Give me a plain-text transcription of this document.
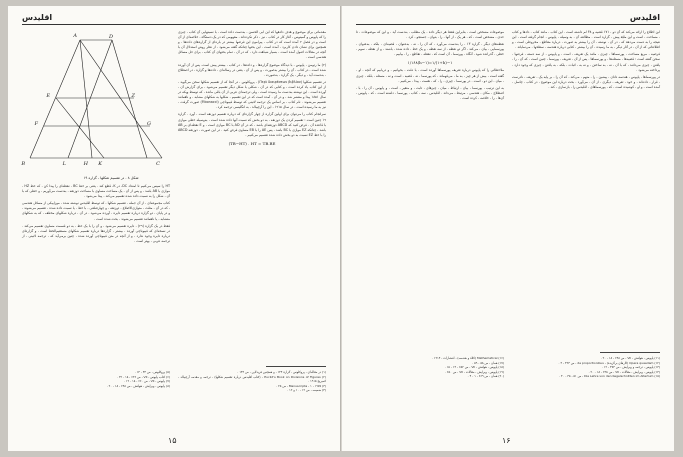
اقلیدس

مقدماتی برای موضوع و هدف دادهها که ابن ابی الحسن ، به‌دست داده است ، با نسبتهایی آن کتاب ، چیزی را که پاپوس و گمینوس ، آغاز کار در کتاب ، نیز ، ذکر نکرده‌اند ، مفهومی که در یک دستگاه ، خلاصه‌ای از آن است و در فصل ۲ آمده است که در کتاب ، پیرامون این فرضها بیشتر در باره‌ای از گزاره‌های داده‌ها ، و همچنین برای نشان دادن کاربرد ، آمده است . این بحثها چنانکه گفته می‌شود ، از نظر روش استدلال آن با آنچه در مقالات اصول آمده است ، بسیار شباهت دارد ، که در آن ، تمام بحثهای آن کتاب ، برای حل مسائل هندسی است .

(۲) ما رتومن ، پاپوس ، با دیدگاه موضوع گزاره‌ها ، و داده‌ها ، در کتاب ، بیشتر پیش است. پس از آن آورده شده است ، در کتاب ، آن را بیشتر به‌صورت ، و پس از آن ، یعنی در رساله‌ای ، داده‌ها و گزاره ، در اصطلاح ، به‌دست آید ، و دیگر ، یک گزاره ، به‌صورت .

در تقسیم شکلها (Περὶ διαιρέσεων βιβλίον) ، پروکلوس ، در آنجا که از تقسیم شکلها سخن می‌گوید ، از این کتاب یاد کرده است ، و کتابی که در آن ، شکلی با شکل دیگر تقسیم می‌شود ، برای گزارش آن ، آورده است . این نوشته به‌دست ما رسیده است ، ولی ترجمه‌ای عربی از آن باقی مانده ، که توسط وپکه در سال ۱۸۵۱ پیدا و منتشر شد ، و در آن ، آمده است که در این تقسیم ، شکلها به شکلهای مشابه ، و ناهمانند تقسیم می‌شوند . نام کتاب ، بر اساس یک ترجمه لاتینی که توسط فیبوناچی (Fibonacci) صورت گرفت ، نیز به ما رسیده است . در سال ۱۹۱۵ ، این را آرچیبالد ، به انگلیسی ترجمه کرد .

سرانجام کتاب را می‌توان برای اولین گزاره از چهار گزاره‌ای که درباره تقسیم ذوزنقه است ، آورد . گزاره ۱۹ چنین است : تقسیم کردن یک ذوزنقه ، به دو بخش که نسبت آنها داده شده است ، به‌وسیله خطی موازی با قاعده آن . فرض کنید که ABCD ذوزنقه‌ای باشد ، که در آن AD با BC موازی است ، و E نقطه‌ای بر AB باشد ، چنانکه EZ موازی با BC باشد ، پس AE را با EB مساوی فرض کنید . در این صورت ، ذوزنقه ABCD را با خط EZ نسبت به دو بخش داده شده تقسیم می‌کنیم .

(TB−HT) . HT = TB.BE
A	D
B	C
E	Z
F	G
H K
L
شکل ۸ . در تقسیم شکلها ، گزاره ۱۹

HT را سپس می‌کنیم تا امتداد DC، در K، قطع کند . یعنی بر خط BC ، نقطه‌ای را پیدا کن ، که خط HZ ، موازی با AB باشد ، و پس از آن ، یک مساحت مساوی با مساحت ذوزنقه ، به‌دست می‌آوریم ، و خطی که با آن ، شکل را به نسبت داده شده تقسیم می‌کند ، پیدا می‌شود .

کتاب مجموعه‌ای ، از آن جمله ، تقسیم شکلها ، که توسط اقلیدس نوشته شده ، موزاییکی از مسائل هندسی ، که در آن ، مثلث ، متوازی‌الاضلاع ، ذوزنقه ، و چهار‌ضلعی ، با خط ، یا نسبت داده شده ، تقسیم می‌شوند ، و در پایان ، دو گزاره درباره تقسیم دایره ، آورده می‌شود . در آن ، درباره شکلهای مختلف ، که به شکلهای متشابه ، یا ناهمانند تقسیم می‌شوند ، بحث شده است .

فقط در یک گزاره (۲۹) ، دایره تقسیم می‌شود ، و آن را با یک خط ، به دو قسمت مساوی تقسیم می‌کند . در نسخه‌ای که فیبوناچی آورده ، بیشتر ، گزاره‌ها درباره تقسیم شکلهای مستقیم‌الخط است ، و گزاره‌ای درباره دایره وجود ندارد ، و از آنچه در متن فیبوناچی آورده شده ، چنین برمی‌آید که ، ترجمه لاتینی ، از ترجمه عربی ، بهتر است .

(۱) در مقاله‌ای ، پروکلوس ، گزاره ۱۴۴ ، و همچنین فریدلاین ، ص ۱۴۴ .

(۲) Euclid's Book on Divisions of Figures ، (کتاب اقلیدس درباره تقسیم شکلها) ، ترجمه و مقدمه آرچیبالد ، کمبریج ۱۹۱۵ .

(۳) Manuscripta ، ۱ ، ۱۹۵۷ ، ص ۲۵ .

(۴) ضمیمه ، ص ۱۲ ، ۱۰ و ۱۲ .

(۵) پروکلوس ، ص ۴۳ ، ۱۴ .

(۶) کتاب پاپوس ، VII ، ص ۶۳۶ ، ۱۸ - ۲۲ .

(۷) پاپوس ، VII ، ص ۶۶۰ ، ۱۸ - ۱۹ .

(۸) پاپوس ، ویرایش ، هولتش ، ص ۶۴۸ ، ۱۸ - ۲۰ .

۱۵
اقلیدس

ابن اطلاع را ارائه می‌کند که آن دو ، ۱۷۱ قضیه و ۳۸ لم داشته است . این کتاب ، مانند کتاب ، دادها و کتاب ، مساحت ، است و این ملیّة پیش ، گزاره است . مطالعه آن ، به وسیله ، پاپوس ، انجام گرفته است ، این نتیجه را به دست می‌دهد که ، در آن ، نوشته ، آن را بیشتر به صورت ، درباره مقاطع ، مخروطی است ، و اطلاعاتی که از آن ، در آثار دیگر ، به ما رسیده ، آن را بیشتر ، کتابی درباره هندسه ، سطحها ، می‌نمایاند .

فرضیه ، مربع مساحت ، پورسماها ، چیزی ، مانند یک تعریف ، است ، و پاپوس ، از سه دسته ، فرضها ، سخن گفته است : قضیه‌ها ، مسئله‌ها ، و پورسماها . پس از آن ، تعریف ، پورسما ، چنین است ، که آن ، را ، یافتن ، چیزی می‌دانند ، که با آن ، نه ، به ساختن ، و نه به ، اثبات ، بلکه ، به یافتن ، چیزی که وجود دارد ، پرداخته می‌شود .

در پورسماها ، پاپوس ، هندسه دانان ، پیشین ، را ، متهم ، می‌کند ، که آن را ، بر پایه یک ، تعریف ، نادرست ، قرار ، داده‌اند ، و خود ، تعریف ، دیگری ، از آن ، می‌آورد . بحث درباره این موضوع ، در کتاب ، چاسل ، آمده است ، و او ، کوشیده است ، که ، پورسماهای ، اقلیدس را ، بازسازی ، کند .

موضوعات مشخص است ، بنابراین فقط هر دیگر داده ، یک مطلب ، به‌دست آید ، و این که موضوعات ، تا حدی ، مشخص است ، که ، هر یک ، از آنها ، را ، بتوان ، جستجو ، کرد .

نقطه‌های دیگر ، گزاره ۱۳ ، را به‌دست می‌آورد ، که آن را ، نه ، به‌عنوان ، قضیه‌ای ، بلکه ، به‌عنوان ، پورسمایی ، بیان ، می‌کند ، اگر دو نقطه ، از سه نقطه ، و یک خط ، داده شده ، باشند ، و از نقطه ، سوم ، خطی ، گذرانده شود ، آنگاه ، پورسما ، آن است که ، نقطه ، تقاطع ، را ، بیابیم .

۱/۱۶۸(h−۱)=۱/(۱+h)−۱

ملاحظاتی را که پاپوس درباره تعریف پورسماها آورده است ، با دقت ، بخوانیم ، و دریابیم که آنچه ، او ، گفته است ، بیش از هر چیز ، به ما ، می‌فهماند ، که پورسما ، نه ، قضیه ، است و نه ، مسئله ، بلکه ، چیزی ، میان ، این دو ، است . در پورسما ، چیزی ، را ، که ، هست ، پیدا ، می‌کنیم .

به این ترتیب ، پورسما ، بیان ، ارتباط ، میان ، چیزهای ، ثابت ، و متغیر ، است ، و پاپوس ، آن را ، با ، اصطلاح ، مکان ، هندسی ، مرتبط ، می‌داند . اقلیدس ، سه ، کتاب ، پورسما ، داشته است ، که ، پاپوس ، آن‌ها ، را ، خلاصه ، کرده است .

(۱۱) پاپوس ، هولتش ، VII ، ص ۶۴۸ ، ۱۸ - ۲۰ .

(۱۲) Opera quaedam (کارهای برگزیده) ، de proportionibus ، ص ۴۲۳ ، ۳ .

(۱۳) پاپوس ، ترجمه و ویرایش ، ص ۴۷۴ ، ۱۲ .

(۱۴) پاپوس ، ویرایش ، مقالات ، VII ، ص ۶۴۸ ، ۱۸ - ۲۰ .

(۱۵) Die Lehre von den Kegelschnitten im Altertum ، ص ۵۱ ، ۳۵ - ۴۰ .

(۱۶) Mathematical (کلاه و هندسه) ، انتشارات ، ۱۹۱۴ .

(۱۷) همان ، ص ۵۸ - ۵۹ .

(۱۸) پاپوس ، هولتش ، VII ، ص ۶۵۲ ، ۱۴ - ۱۵ .

(۱۹) پاپوس ، ویرایش ، مقالات ، VII ، ص ۶۵۰ .

(۲۰) همان ، ص ۶۶۹ ، ۱ - ۴ .

۱۶
